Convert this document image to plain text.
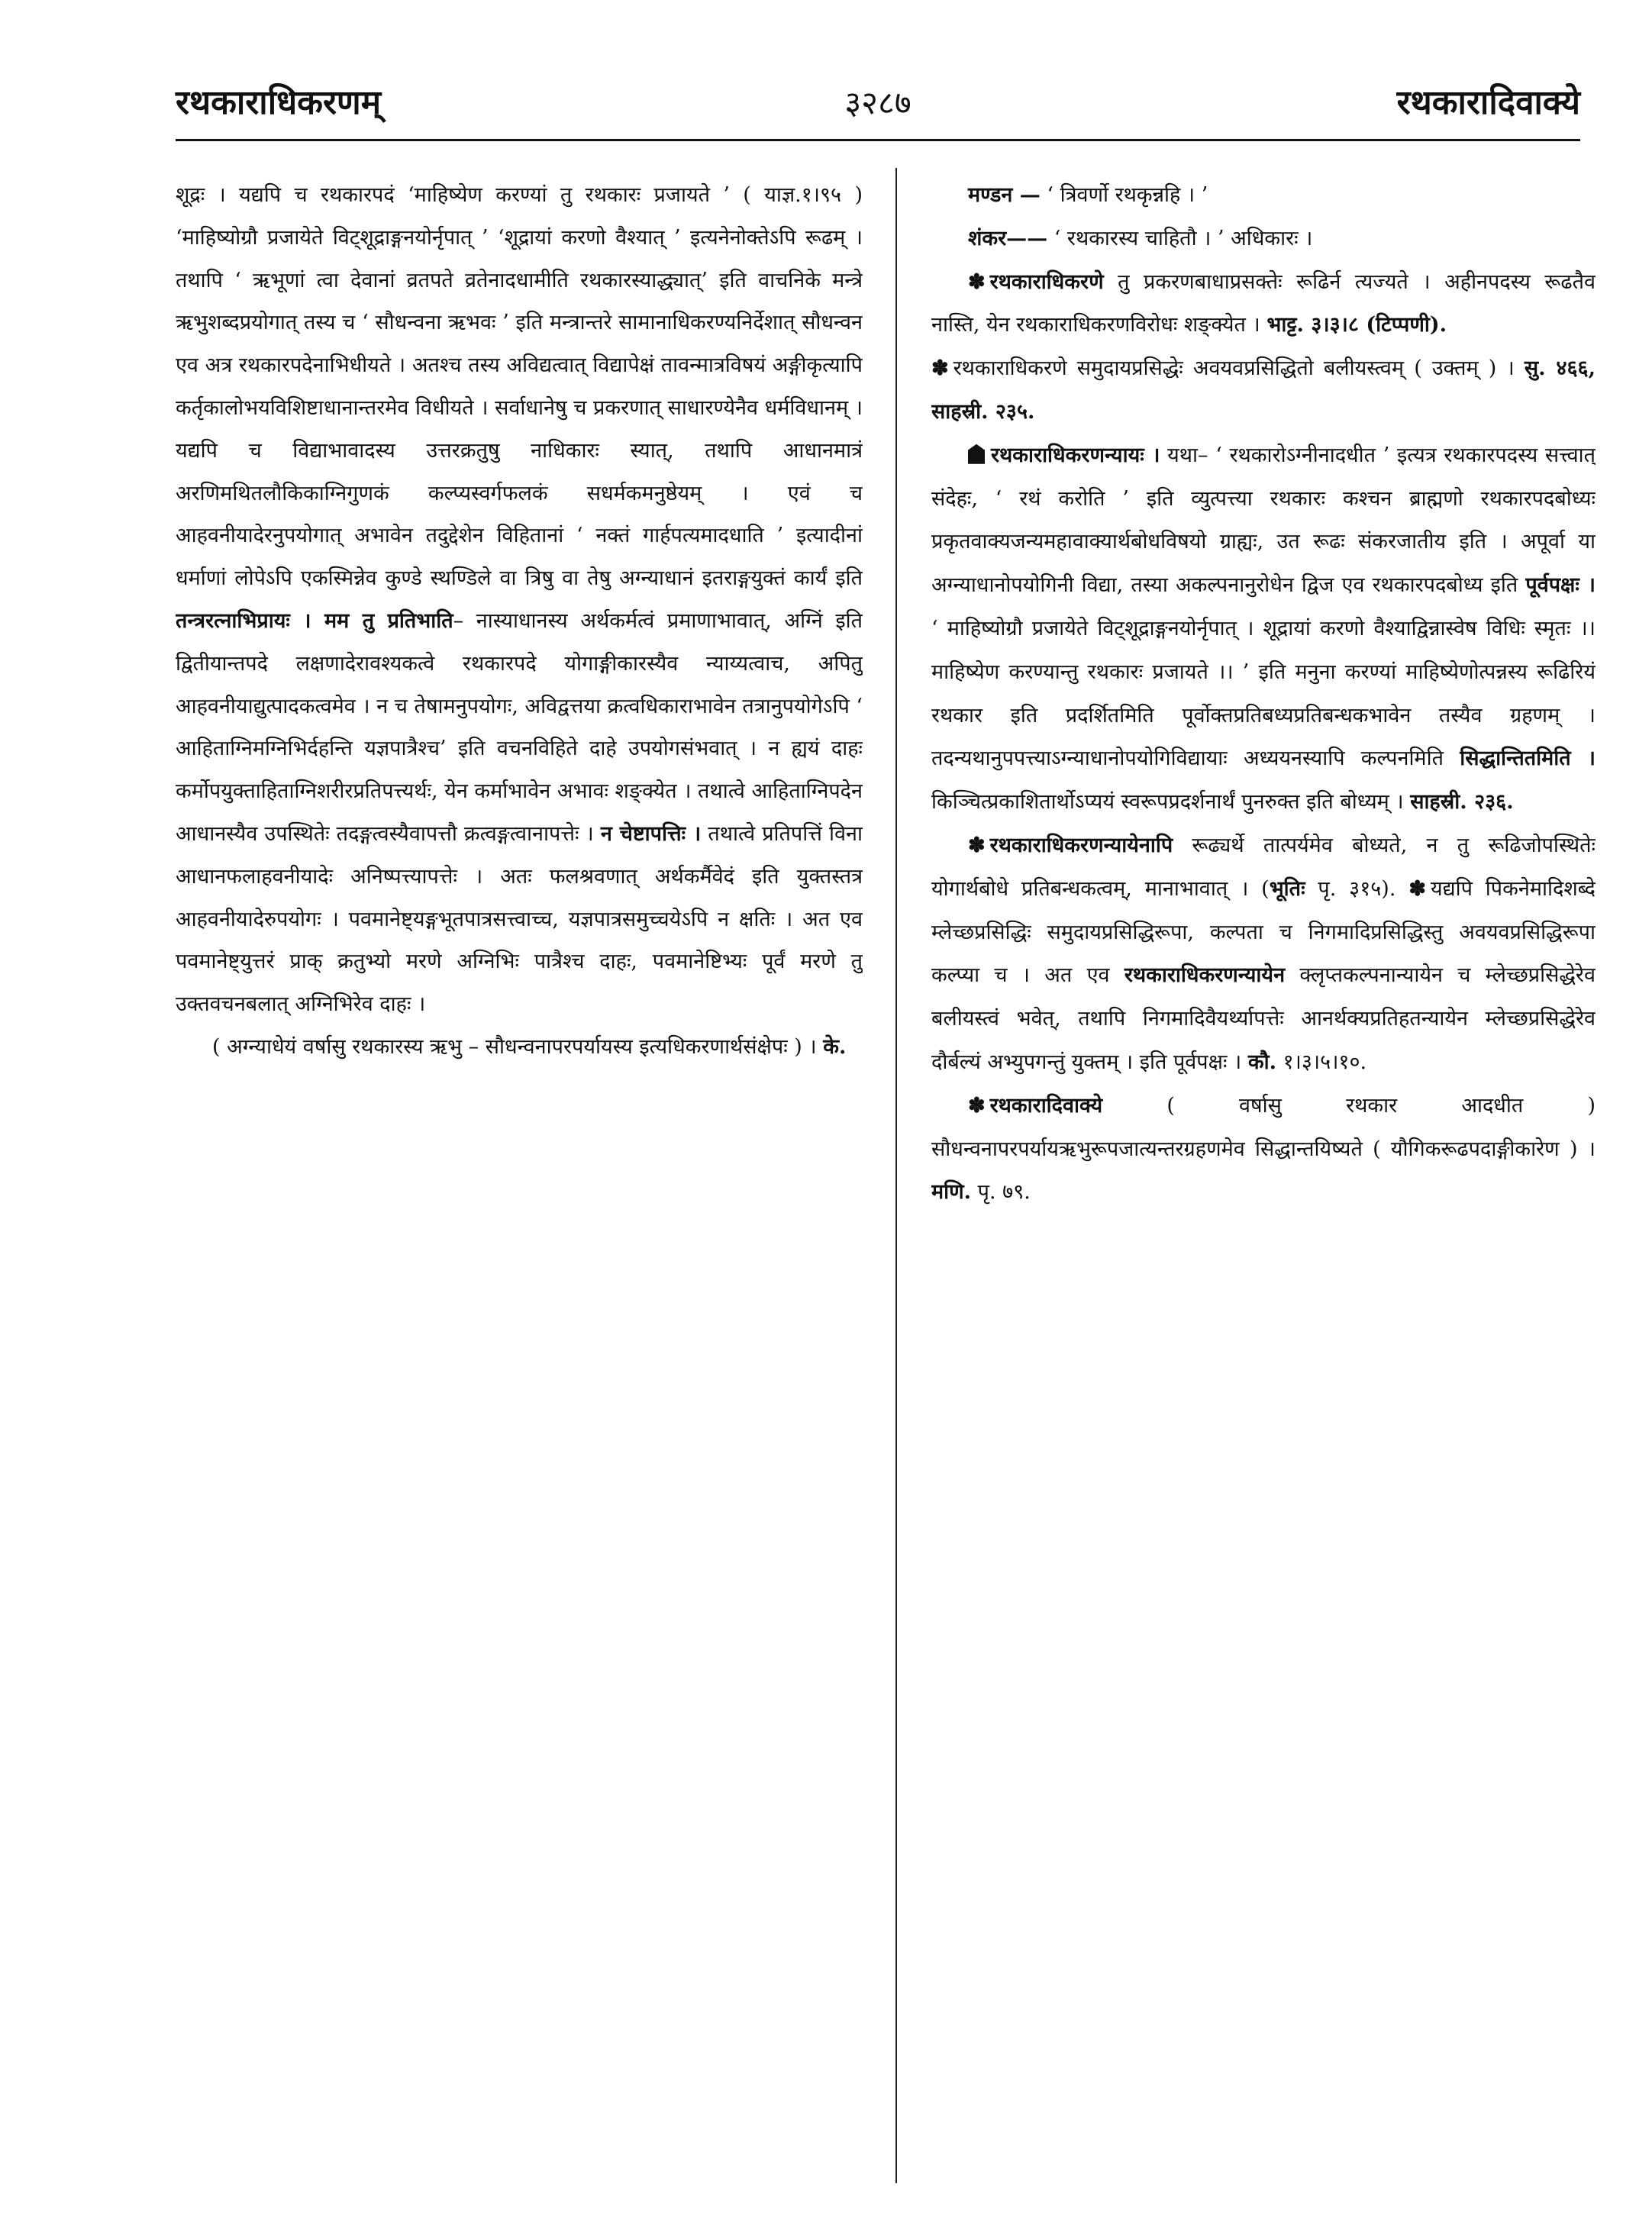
रथकाराधिकरणम्	३२८७	रथकारादिवाक्ये

शूद्रः । यद्यपि च रथकारपदं ‘माहिष्येण करण्यां तु रथकारः प्रजायते ’ ( याज्ञ.१।९५ ) ‘माहिष्योग्रौ प्रजायेते विट्शूद्राङ्गनयोर्नृपात् ’ ‘शूद्रायां करणो वैश्यात् ’ इत्यनेनोक्तेऽपि रूढम् । तथापि ‘ ऋभूणां त्वा देवानां व्रतपते व्रतेनादधामीति रथकारस्याद्ध्यात्’ इति वाचनिके मन्त्रे ऋभुशब्दप्रयोगात् तस्य च ‘ सौधन्वना ऋभवः ’ इति मन्त्रान्तरे सामानाधिकरण्यनिर्देशात् सौधन्वन एव अत्र रथकारपदेनाभिधीयते । अतश्च तस्य अविद्यत्वात् विद्यापेक्षं तावन्मात्रविषयं अङ्गीकृत्यापि कर्तृकालोभयविशिष्टाधानान्तरमेव विधीयते । सर्वाधानेषु च प्रकरणात् साधारण्येनैव धर्मविधानम् । यद्यपि च विद्याभावादस्य उत्तरक्रतुषु नाधिकारः स्यात्, तथापि आधानमात्रं अरणिमथितलौकिकाग्निगुणकं कल्प्यस्वर्गफलकं सधर्मकमनुष्ठेयम् । एवं च आहवनीयादेरनुपयोगात् अभावेन तदुद्देशेन विहितानां ‘ नक्तं गार्हपत्यमादधाति ’ इत्यादीनां धर्माणां लोपेऽपि एकस्मिन्नेव कुण्डे स्थण्डिले वा त्रिषु वा तेषु अग्न्याधानं इतराङ्गयुक्तं कार्यं इति तन्त्ररत्नाभिप्रायः । मम तु प्रतिभाति– नास्याधानस्य अर्थकर्मत्वं प्रमाणाभावात्, अग्निं इति द्वितीयान्तपदे लक्षणादेरावश्यकत्वे रथकारपदे योगाङ्गीकारस्यैव न्याय्यत्वाच, अपितु आहवनीयाद्युत्पादकत्वमेव । न च तेषामनुपयोगः, अविद्वत्तया क्रत्वधिकाराभावेन तत्रानुपयोगेऽपि ‘ आहिताग्निमग्निभिर्दहन्ति यज्ञपात्रैश्च’ इति वचनविहिते दाहे उपयोगसंभवात् । न ह्ययं दाहः कर्मोपयुक्ताहिताग्निशरीरप्रतिपत्त्यर्थः, येन कर्माभावेन अभावः शङ्क्येत । तथात्वे आहिताग्निपदेन आधानस्यैव उपस्थितेः तदङ्गत्वस्यैवापत्तौ क्रत्वङ्गत्वानापत्तेः । न चेष्टापत्तिः । तथात्वे प्रतिपत्तिं विना आधानफलाहवनीयादेः अनिष्पत्त्यापत्तेः । अतः फलश्रवणात् अर्थकर्मैवेदं इति युक्तस्तत्र आहवनीयादेरुपयोगः । पवमानेष्ट्यङ्गभूतपात्रसत्त्वाच्च, यज्ञपात्रसमुच्चयेऽपि न क्षतिः । अत एव पवमानेष्ट्युत्तरं प्राक् क्रतुभ्यो मरणे अग्निभिः पात्रैश्च दाहः, पवमानेष्टिभ्यः पूर्वं मरणे तु उक्तवचनबलात् अग्निभिरेव दाहः ।

( अग्न्याधेयं वर्षासु रथकारस्य ऋभु – सौधन्वनापरपर्यायस्य इत्यधिकरणार्थसंक्षेपः ) । के.

मण्डन — ‘ त्रिवर्णो रथकृन्नहि । ’

शंकर—— ‘ रथकारस्य चाहितौ । ’ अधिकारः ।

✽ रथकाराधिकरणे तु प्रकरणबाधाप्रसक्तेः रूढिर्न त्यज्यते । अहीनपदस्य रूढतैव नास्ति, येन रथकाराधिकरणविरोधः शङ्क्येत । भाट्ट. ३।३।८ (टिप्पणी).

✽ रथकाराधिकरणे समुदायप्रसिद्धेः अवयवप्रसिद्धितो बलीयस्त्वम् ( उक्तम् ) । सु. ४६६, साहस्री. २३५.

रथकाराधिकरणन्यायः । यथा– ‘ रथकारोऽग्नीनादधीत ’ इत्यत्र रथकारपदस्य सत्त्वात् संदेहः, ‘ रथं करोति ’ इति व्युत्पत्त्या रथकारः कश्चन ब्राह्मणो रथकारपदबोध्यः प्रकृतवाक्यजन्यमहावाक्यार्थबोधविषयो ग्राह्यः, उत रूढः संकरजातीय इति । अपूर्वा या अग्न्याधानोपयोगिनी विद्या, तस्या अकल्पनानुरोधेन द्विज एव रथकारपदबोध्य इति पूर्वपक्षः । ‘ माहिष्योग्रौ प्रजायेते विट्शूद्राङ्गनयोर्नृपात् । शूद्रायां करणो वैश्याद्विन्नास्वेष विधिः स्मृतः ।। माहिष्येण करण्यान्तु रथकारः प्रजायते ।। ’ इति मनुना करण्यां माहिष्येणोत्पन्नस्य रूढिरियं रथकार इति प्रदर्शितमिति पूर्वोक्तप्रतिबध्यप्रतिबन्धकभावेन तस्यैव ग्रहणम् । तदन्यथानुपपत्त्याऽग्न्याधानोपयोगिविद्यायाः अध्ययनस्यापि कल्पनमिति सिद्धान्तितमिति । किञ्चित्प्रकाशितार्थोऽप्ययं स्वरूपप्रदर्शनार्थं पुनरुक्त इति बोध्यम् । साहस्री. २३६.

✽ रथकाराधिकरणन्यायेनापि रूढ्यर्थे तात्पर्यमेव बोध्यते, न तु रूढिजोपस्थितेः योगार्थबोधे प्रतिबन्धकत्वम्, मानाभावात् । (भूतिः पृ. ३१५). ✽ यद्यपि पिकनेमादिशब्दे म्लेच्छप्रसिद्धिः समुदायप्रसिद्धिरूपा, कल्पता च निगमादिप्रसिद्धिस्तु अवयवप्रसिद्धिरूपा कल्प्या च । अत एव रथकाराधिकरणन्यायेन क्लृप्तकल्पनान्यायेन च म्लेच्छप्रसिद्धेरेव बलीयस्त्वं भवेत्, तथापि निगमादिवैयर्थ्यापत्तेः आनर्थक्यप्रतिहतन्यायेन म्लेच्छप्रसिद्धेरेव दौर्बल्यं अभ्युपगन्तुं युक्तम् । इति पूर्वपक्षः । कौ. १।३।५।१०.

✽ रथकारादिवाक्ये	( वर्षासु रथकार आदधीत ) सौधन्वनापरपर्यायऋभुरूपजात्यन्तरग्रहणमेव सिद्धान्तयिष्यते ( यौगिकरूढपदाङ्गीकारेण ) । मणि. पृ. ७९.
